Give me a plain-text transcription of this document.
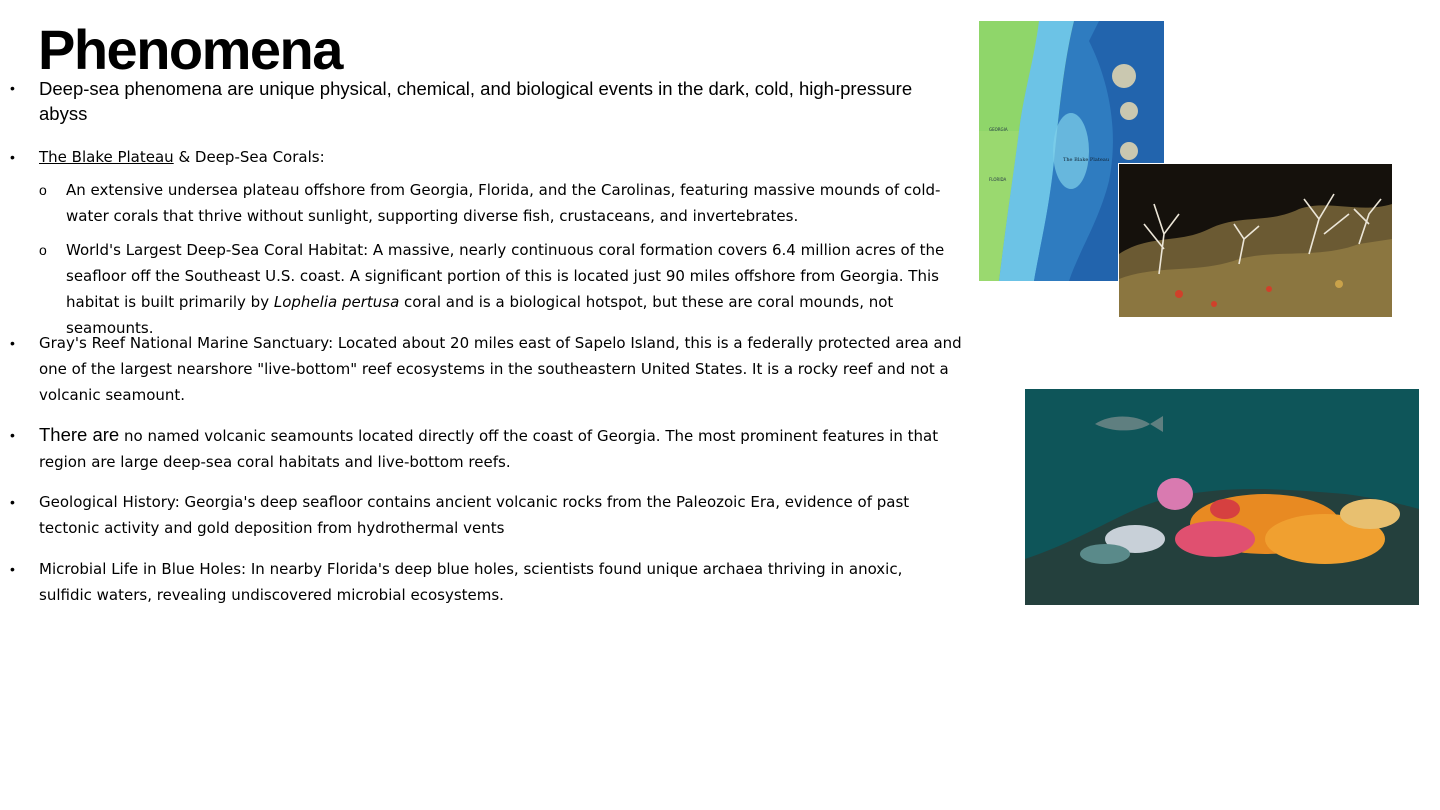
Phenomena
• Deep-sea phenomena are unique physical, chemical, and biological events in the dark, cold, high-pressure abyss
• The Blake Plateau & Deep-Sea Corals:
o An extensive undersea plateau offshore from Georgia, Florida, and the Carolinas, featuring massive mounds of cold-water corals that thrive without sunlight, supporting diverse fish, crustaceans, and invertebrates.
o World's Largest Deep-Sea Coral Habitat: A massive, nearly continuous coral formation covers 6.4 million acres of the seafloor off the Southeast U.S. coast. A significant portion of this is located just 90 miles offshore from Georgia. This habitat is built primarily by Lophelia pertusa coral and is a biological hotspot, but these are coral mounds, not seamounts.
• Gray's Reef National Marine Sanctuary: Located about 20 miles east of Sapelo Island, this is a federally protected area and one of the largest nearshore "live-bottom" reef ecosystems in the southeastern United States. It is a rocky reef and not a volcanic seamount.
• There are no named volcanic seamounts located directly off the coast of Georgia. The most prominent features in that region are large deep-sea coral habitats and live-bottom reefs.
• Geological History: Georgia's deep seafloor contains ancient volcanic rocks from the Paleozoic Era, evidence of past tectonic activity and gold deposition from hydrothermal vents
• Microbial Life in Blue Holes: In nearby Florida's deep blue holes, scientists found unique archaea thriving in anoxic, sulfidic waters, revealing undiscovered microbial ecosystems.
GEORGIA
FLORIDA
The Blake Plateau
